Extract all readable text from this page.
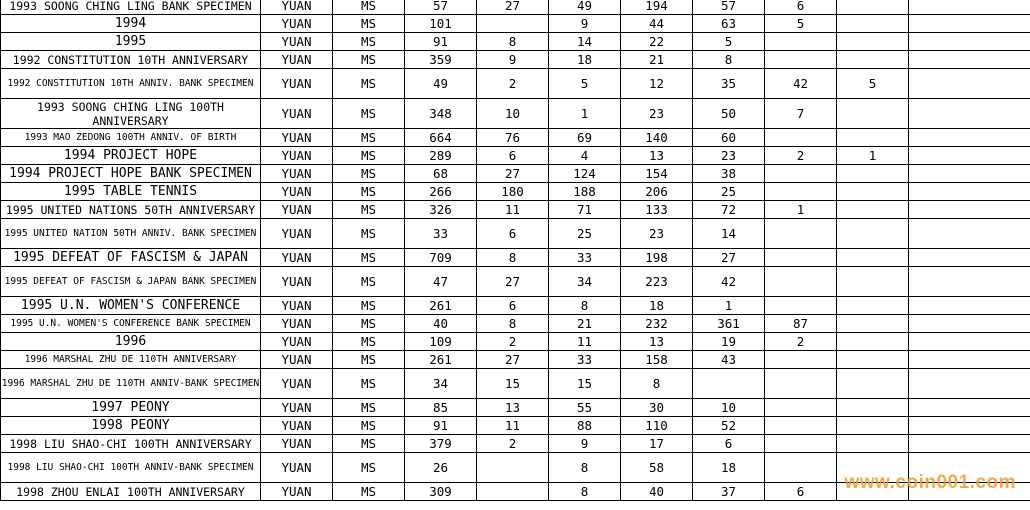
1993 SOONG CHING LING BANK SPECIMEN	YUAN	MS	57	27	49	194	57	6		
1994	YUAN	MS	101		9	44	63	5		
1995	YUAN	MS	91	8	14	22	5			
1992 CONSTITUTION 10TH ANNIVERSARY	YUAN	MS	359	9	18	21	8			
1992 CONSTITUTION 10TH ANNIV. BANK SPECIMEN	YUAN	MS	49	2	5	12	35	42	5	
1993 SOONG CHING LING 100TH ANNIVERSARY	YUAN	MS	348	10	1	23	50	7		
1993 MAO ZEDONG 100TH ANNIV. OF BIRTH	YUAN	MS	664	76	69	140	60			
1994 PROJECT HOPE	YUAN	MS	289	6	4	13	23	2	1	
1994 PROJECT HOPE BANK SPECIMEN	YUAN	MS	68	27	124	154	38			
1995 TABLE TENNIS	YUAN	MS	266	180	188	206	25			
1995 UNITED NATIONS 50TH ANNIVERSARY	YUAN	MS	326	11	71	133	72	1		
1995 UNITED NATION 50TH ANNIV. BANK SPECIMEN	YUAN	MS	33	6	25	23	14			
1995 DEFEAT OF FASCISM & JAPAN	YUAN	MS	709	8	33	198	27			
1995 DEFEAT OF FASCISM & JAPAN BANK SPECIMEN	YUAN	MS	47	27	34	223	42			
1995 U.N. WOMEN'S CONFERENCE	YUAN	MS	261	6	8	18	1			
1995 U.N. WOMEN'S CONFERENCE BANK SPECIMEN	YUAN	MS	40	8	21	232	361	87		
1996	YUAN	MS	109	2	11	13	19	2		
1996 MARSHAL ZHU DE 110TH ANNIVERSARY	YUAN	MS	261	27	33	158	43			
1996 MARSHAL ZHU DE 110TH ANNIV-BANK SPECIMEN	YUAN	MS	34	15	15	8				
1997 PEONY	YUAN	MS	85	13	55	30	10			
1998 PEONY	YUAN	MS	91	11	88	110	52			
1998 LIU SHAO-CHI 100TH ANNIVERSARY	YUAN	MS	379	2	9	17	6			
1998 LIU SHAO-CHI 100TH ANNIV-BANK SPECIMEN	YUAN	MS	26		8	58	18			
1998 ZHOU ENLAI 100TH ANNIVERSARY	YUAN	MS	309		8	40	37	6		www.coin001.com
